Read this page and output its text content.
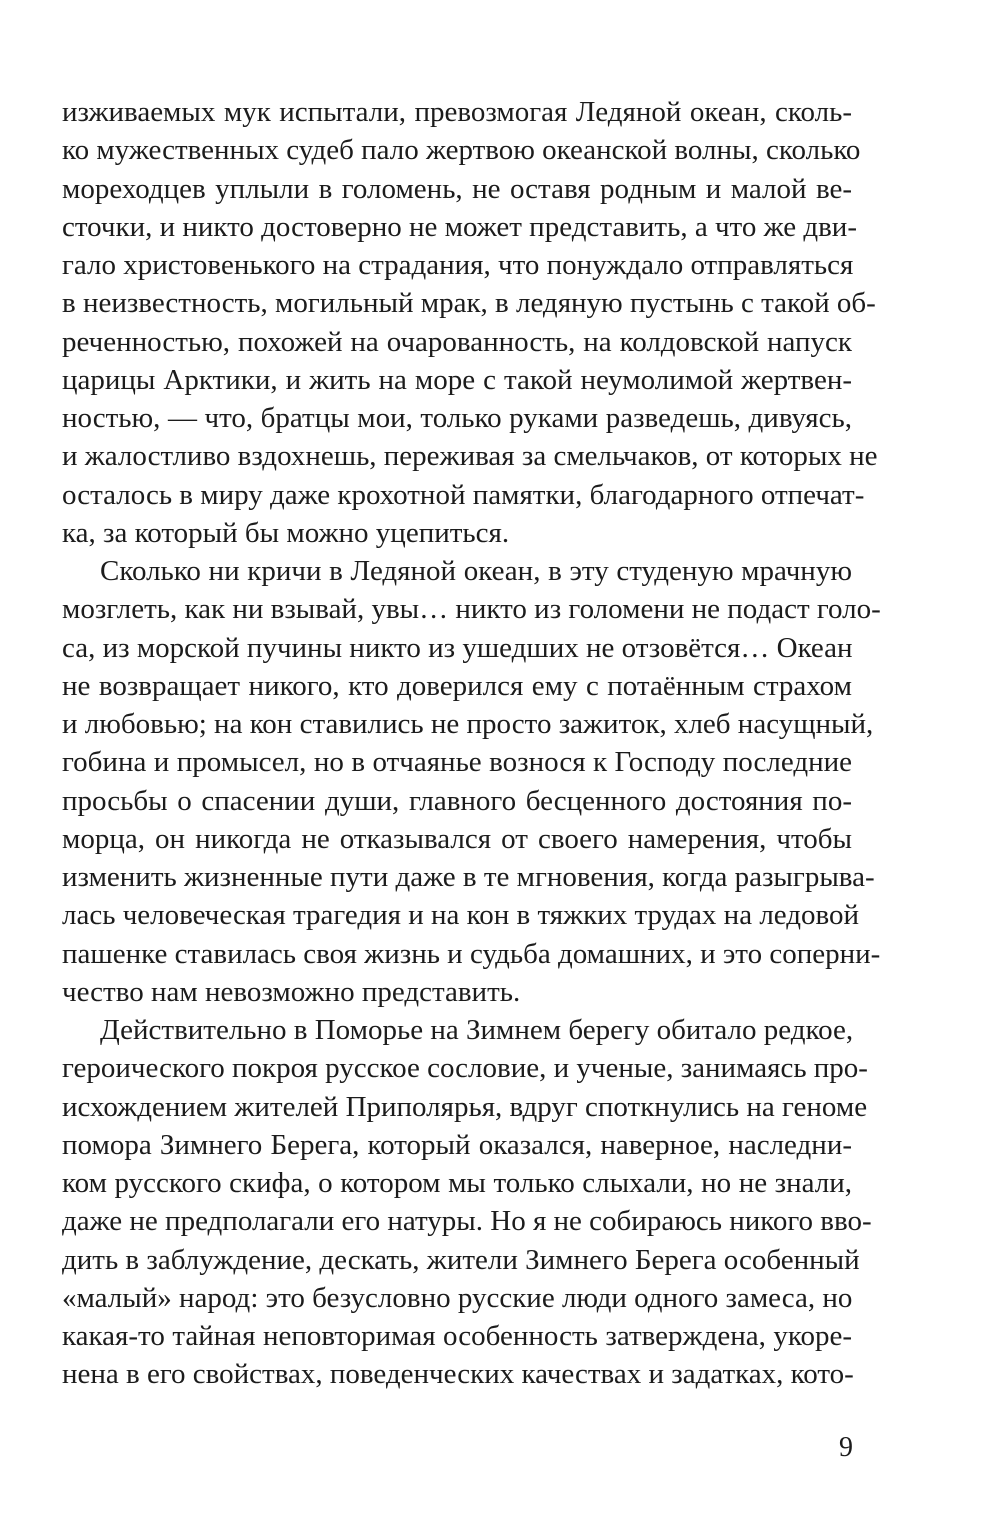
изживаемых мук испытали, превозмогая Ледяной океан, сколь-
ко мужественных судеб пало жертвою океанской волны, сколько
мореходцев уплыли в голомень, не оставя родным и малой ве-
сточки, и никто достоверно не может представить, а что же дви-
гало христовенького на страдания, что понуждало отправляться
в неизвестность, могильный мрак, в ледяную пустынь с такой об-
реченностью, похожей на очарованность, на колдовской напуск
царицы Арктики, и жить на море с такой неумолимой жертвен-
ностью, — что, братцы мои, только руками разведешь, дивуясь,
и жалостливо вздохнешь, переживая за смельчаков, от которых не
осталось в миру даже крохотной памятки, благодарного отпечат-
ка, за который бы можно уцепиться.
Сколько ни кричи в Ледяной океан, в эту студеную мрачную
мозглеть, как ни взывай, увы… никто из голомени не подаст голо-
са, из морской пучины никто из ушедших не отзовётся… Океан
не возвращает никого, кто доверился ему с потаённым страхом
и любовью; на кон ставились не просто зажиток, хлеб насущный,
гобина и промысел, но в отчаянье вознося к Господу последние
просьбы о спасении души, главного бесценного достояния по-
морца, он никогда не отказывался от своего намерения, чтобы
изменить жизненные пути даже в те мгновения, когда разыгрыва-
лась человеческая трагедия и на кон в тяжких трудах на ледовой
пашенке ставилась своя жизнь и судьба домашних, и это соперни-
чество нам невозможно представить.
Действительно в Поморье на Зимнем берегу обитало редкое,
героического покроя русское сословие, и ученые, занимаясь про-
исхождением жителей Приполярья, вдруг споткнулись на геноме
помора Зимнего Берега, который оказался, наверное, наследни-
ком русского скифа, о котором мы только слыхали, но не знали,
даже не предполагали его натуры. Но я не собираюсь никого вво-
дить в заблуждение, дескать, жители Зимнего Берега особенный
«малый» народ: это безусловно русские люди одного замеса, но
какая-то тайная неповторимая особенность затверждена, укоре-
нена в его свойствах, поведенческих качествах и задатках, кото-
9
